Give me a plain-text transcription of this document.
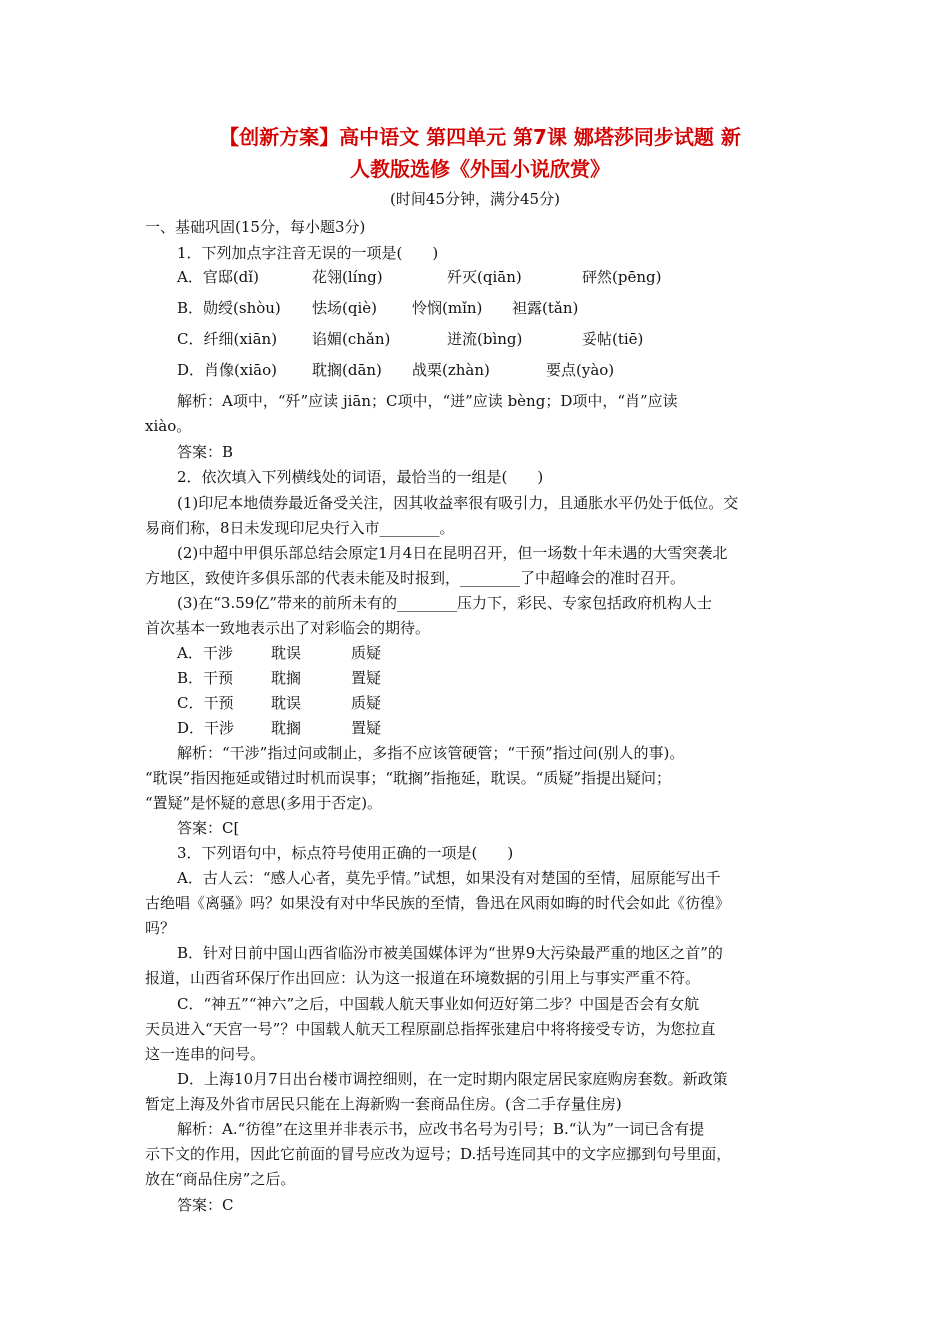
【创新方案】高中语文 第四单元 第7课 娜塔莎同步试题 新
人教版选修《外国小说欣赏》
(时间45分钟，满分45分)
一、基础巩固(15分，每小题3分)
1．下列加点字注音无误的一项是(　　)
A．官邸(dǐ)	花翎(líng)	歼灭(qiān)	砰然(pēng)
B．勋绶(shòu) 怯场(qiè) 怜悯(mǐn) 袒露(tǎn)
C．纤细(xiān) 谄媚(chǎn)	迸流(bìng)	妥帖(tiē)
D．肖像(xiāo) 耽搁(dān) 战栗(zhàn)	要点(yào)
解析：A项中，“歼”应读 jiān；C项中，“迸”应读 bèng；D项中，“肖”应读
xiào。
答案：B
2．依次填入下列横线处的词语，最恰当的一组是(　　)
(1)印尼本地债券最近备受关注，因其收益率很有吸引力，且通胀水平仍处于低位。交
易商们称，8日未发现印尼央行入市________。
(2)中超中甲俱乐部总结会原定1月4日在昆明召开，但一场数十年未遇的大雪突袭北
方地区，致使许多俱乐部的代表未能及时报到，________了中超峰会的准时召开。
(3)在“3.59亿”带来的前所未有的________压力下，彩民、专家包括政府机构人士
首次基本一致地表示出了对彩临会的期待。
A．干涉	耽误	质疑
B．干预	耽搁	置疑
C．干预	耽误	质疑
D．干涉 耽搁	置疑
解析：“干涉”指过问或制止，多指不应该管硬管；“干预”指过问(别人的事)。
“耽误”指因拖延或错过时机而误事；“耽搁”指拖延，耽误。“质疑”指提出疑问；
“置疑”是怀疑的意思(多用于否定)。
答案：C[
3．下列语句中，标点符号使用正确的一项是(　　)
A．古人云：“感人心者，莫先乎情。”试想，如果没有对楚国的至情，屈原能写出千
古绝唱《离骚》吗？如果没有对中华民族的至情，鲁迅在风雨如晦的时代会如此《彷徨》
吗？
B．针对日前中国山西省临汾市被美国媒体评为“世界9大污染最严重的地区之首”的
报道，山西省环保厅作出回应：认为这一报道在环境数据的引用上与事实严重不符。
C．“神五”“神六”之后，中国载人航天事业如何迈好第二步？中国是否会有女航
天员进入“天宫一号”？中国载人航天工程原副总指挥张建启中将将接受专访，为您拉直
这一连串的问号。
D．上海10月7日出台楼市调控细则，在一定时期内限定居民家庭购房套数。新政策
暂定上海及外省市居民只能在上海新购一套商品住房。(含二手存量住房)
解析：A.“彷徨”在这里并非表示书，应改书名号为引号；B.“认为”一词已含有提
示下文的作用，因此它前面的冒号应改为逗号；D.括号连同其中的文字应挪到句号里面，
放在“商品住房”之后。
答案：C
